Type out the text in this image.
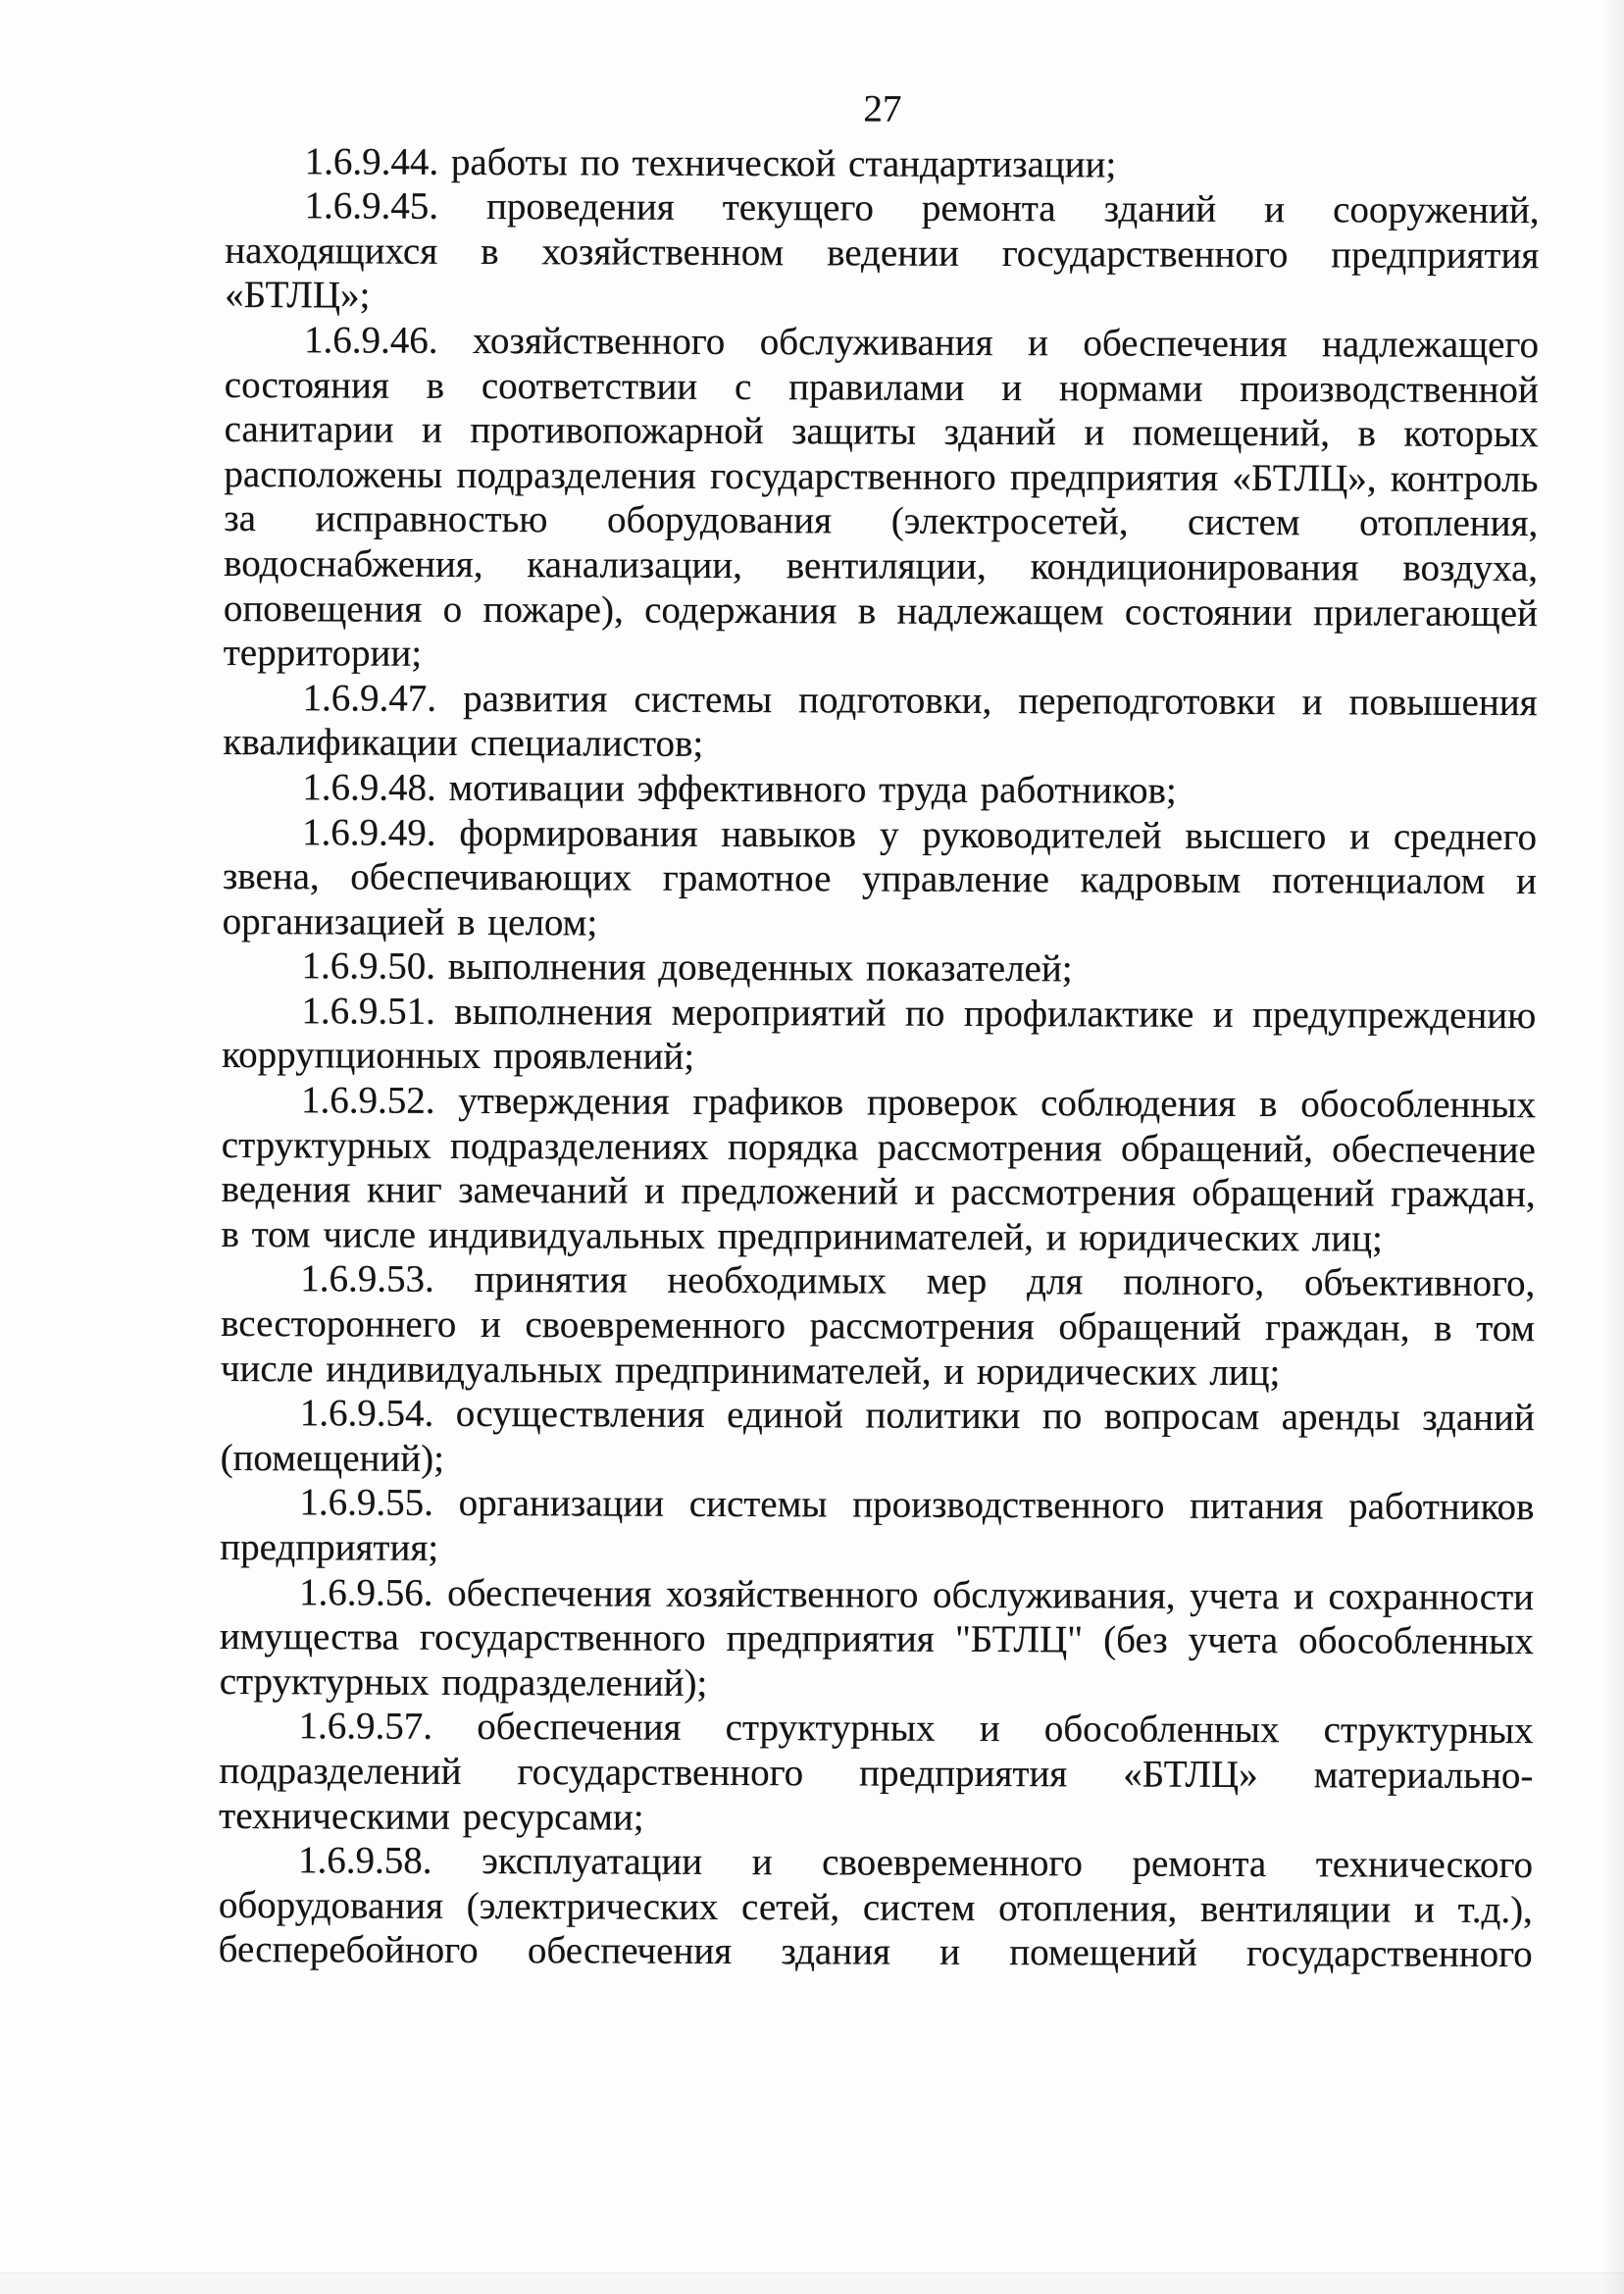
27

1.6.9.44. работы по технической стандартизации;

1.6.9.45. проведения текущего ремонта зданий и сооружений, находящихся в хозяйственном ведении государственного предприятия «БТЛЦ»;

1.6.9.46. хозяйственного обслуживания и обеспечения надлежащего состояния в соответствии с правилами и нормами производственной санитарии и противопожарной защиты зданий и помещений, в которых расположены подразделения государственного предприятия «БТЛЦ», контроль за исправностью оборудования (электросетей, систем отопления, водоснабжения, канализации, вентиляции, кондиционирования воздуха, оповещения о пожаре), содержания в надлежащем состоянии прилегающей территории;

1.6.9.47. развития системы подготовки, переподготовки и повышения квалификации специалистов;

1.6.9.48. мотивации эффективного труда работников;

1.6.9.49. формирования навыков у руководителей высшего и среднего звена, обеспечивающих грамотное управление кадровым потенциалом и организацией в целом;

1.6.9.50. выполнения доведенных показателей;

1.6.9.51. выполнения мероприятий по профилактике и предупреждению коррупционных проявлений;

1.6.9.52. утверждения графиков проверок соблюдения в обособленных структурных подразделениях порядка рассмотрения обращений, обеспечение ведения книг замечаний и предложений и рассмотрения обращений граждан, в том числе индивидуальных предпринимателей, и юридических лиц;

1.6.9.53. принятия необходимых мер для полного, объективного, всестороннего и своевременного рассмотрения обращений граждан, в том числе индивидуальных предпринимателей, и юридических лиц;

1.6.9.54. осуществления единой политики по вопросам аренды зданий (помещений);

1.6.9.55. организации системы производственного питания работников предприятия;

1.6.9.56. обеспечения хозяйственного обслуживания, учета и сохранности имущества государственного предприятия "БТЛЦ" (без учета обособленных структурных подразделений);

1.6.9.57. обеспечения структурных и обособленных структурных подразделений государственного предприятия «БТЛЦ» материально-техническими ресурсами;

1.6.9.58. эксплуатации и своевременного ремонта технического оборудования (электрических сетей, систем отопления, вентиляции и т.д.), бесперебойного обеспечения здания и помещений государственного
